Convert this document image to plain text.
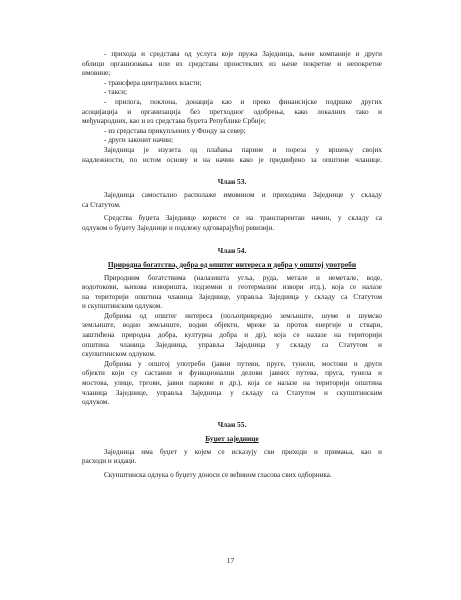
- прихода и средстава од услуга које пружа Заједница, њене компаније и други
облици организовања или из средстава проистеклих из њене покретне и непокретне
имовине;
- трансфера централних власти;
- такси;
- прилога, поклона, донација као и преко финансијске подршке других
асоцијација и организација без претходног одобрења, како локалних тако и
међународних, као и из средстава буџета Републике Србије;
- из средстава прикупљених у Фонду за север;
- други законит начин;
Заједница је изузета од плаћања парине и пореза у вршењу својих
надлежности, по истом основу и на начин како је предвиђено за општине чланице.
Члан 53.
Заједница самостално располаже имовином и приходима Заједнице у складу
са Статутом.
Средства буџета Заједнице користе се на транспарентан начин, у складу са
одлуком о буџету Заједнице и подлежу одговарајућој ревизији.
Члан 54.
Природна богатства, добра од општег интереса и добра у општој употреби
Природним богатствима (налазишта угља, руда, метале и неметале, воде,
водотокови, њихова изворишта, подземни и геотермални извори итд.), која се налазе
на територији општина чланица Заједнице, управља Заједница у складу са Статутом
и скупштинским одлуком.
Добрима од општег интереса (пољопривредно земљиште, шуме и шумско
земљиште, водно земљиште, водни објекти, мреже за проток енергије и ствари,
заштићена природна добра, културна добра и др), која се налазе на територији
општина чланица Заједница, управља Заједница у складу са Статутом и
скупштинском одлуком.
Добрима у општој употреби (јавни путеви, пруге, тунели, мостови и други
објекти који су саставни и функционални делови јавних путева, пруга, тунела и
мостова, улице, тргови, јавни паркови и др.), која се налазе на територији општина
чланица Заједнице, управља Заједница у складу са Статутом и скупштинским
одлуком.
Члан 55.
Буџет заједнице
Заједница има буџет у којем се исказују сви приходи и примања, као и
расходи и издаци.
Скупштинска одлука о буџету доноси се већином гласова свих одборника.
17
